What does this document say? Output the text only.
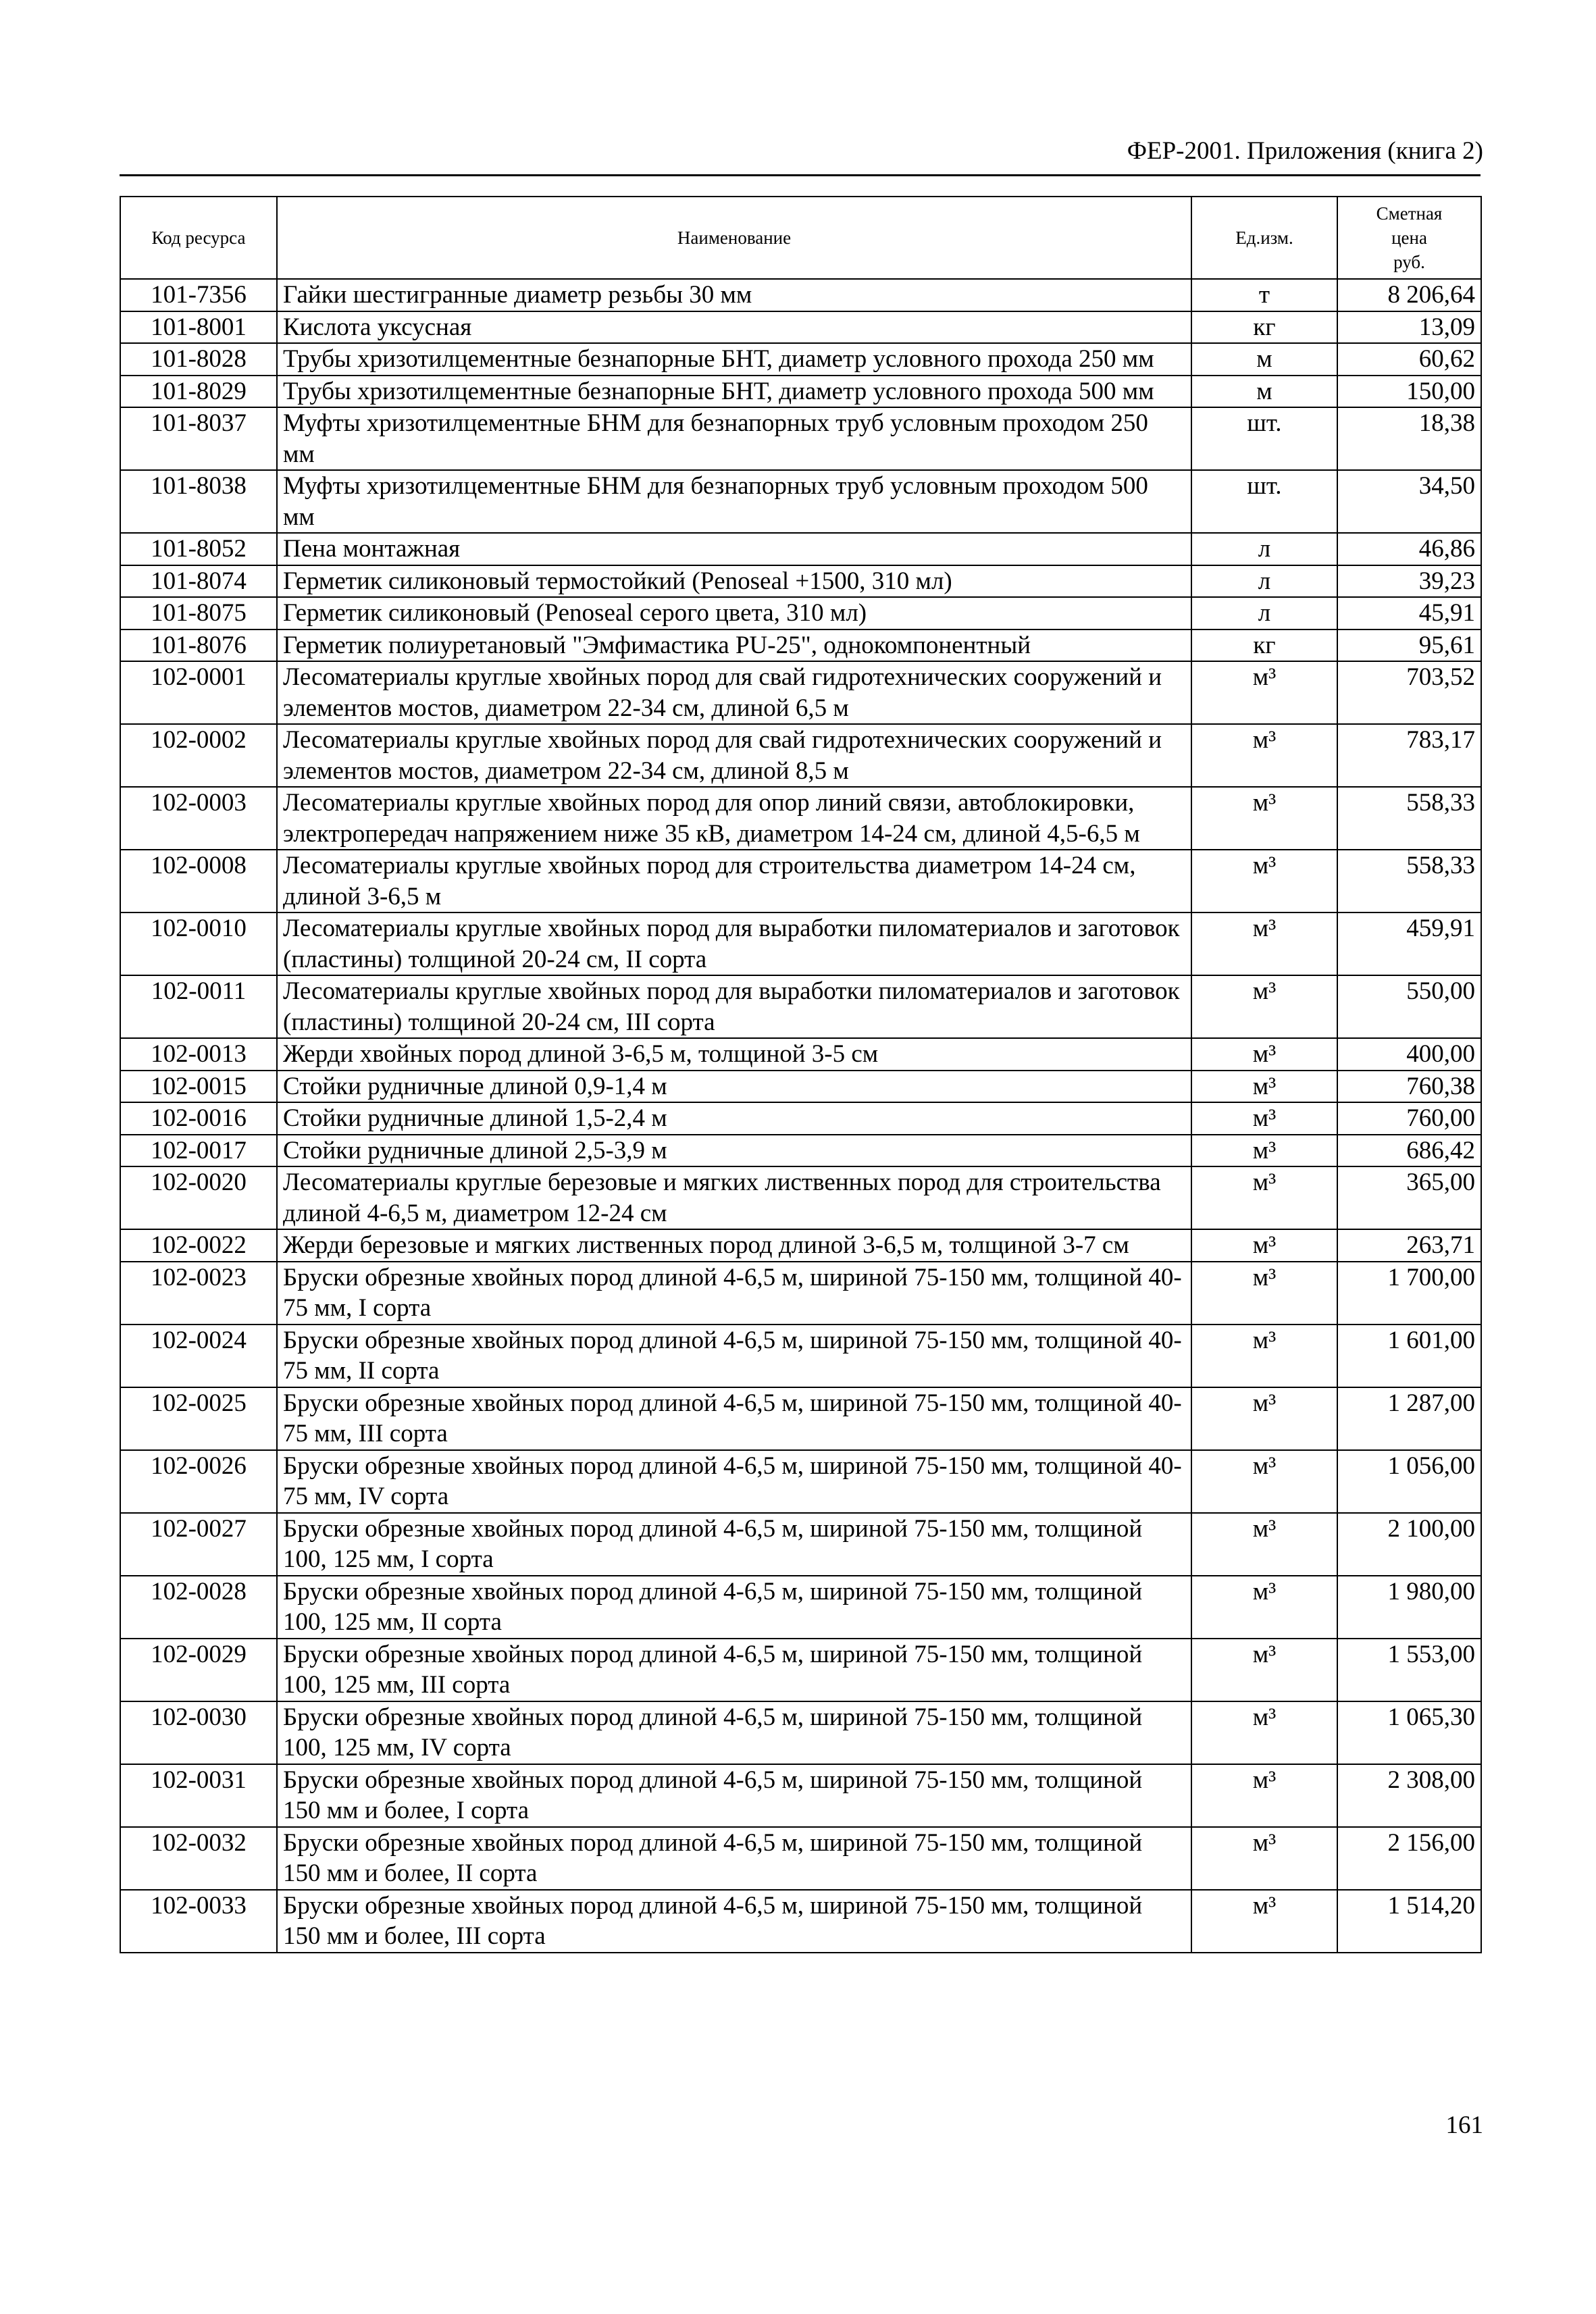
ФЕР-2001. Приложения (книга 2)
Код ресурса	Наименование	Ед.изм.	Сметная
цена
руб.

101-7356	Гайки шестигранные диаметр резьбы 30 мм	т	8 206,64
101-8001	Кислота уксусная	кг	13,09
101-8028	Трубы хризотилцементные безнапорные БНТ, диаметр условного прохода 250 мм	м	60,62
101-8029	Трубы хризотилцементные безнапорные БНТ, диаметр условного прохода 500 мм	м	150,00
101-8037	Муфты хризотилцементные БНМ для безнапорных труб условным проходом 250 мм	шт.	18,38
101-8038	Муфты хризотилцементные БНМ для безнапорных труб условным проходом 500 мм	шт.	34,50
101-8052	Пена монтажная	л	46,86
101-8074	Герметик силиконовый термостойкий (Penoseal +1500, 310 мл)	л	39,23
101-8075	Герметик силиконовый (Penoseal серого цвета, 310 мл)	л	45,91
101-8076	Герметик полиуретановый "Эмфимастика PU-25", однокомпонентный	кг	95,61
102-0001	Лесоматериалы круглые хвойных пород для свай гидротехнических сооружений и элементов мостов, диаметром 22-34 см, длиной 6,5 м	м³	703,52
102-0002	Лесоматериалы круглые хвойных пород для свай гидротехнических сооружений и элементов мостов, диаметром 22-34 см, длиной 8,5 м	м³	783,17
102-0003	Лесоматериалы круглые хвойных пород для опор линий связи, автоблокировки, электропередач напряжением ниже 35 кВ, диаметром 14-24 см, длиной 4,5-6,5 м	м³	558,33
102-0008	Лесоматериалы круглые хвойных пород для строительства диаметром 14-24 см, длиной 3-6,5 м	м³	558,33
102-0010	Лесоматериалы круглые хвойных пород для выработки пиломатериалов и заготовок (пластины) толщиной 20-24 см, II сорта	м³	459,91
102-0011	Лесоматериалы круглые хвойных пород для выработки пиломатериалов и заготовок (пластины) толщиной 20-24 см, III сорта	м³	550,00
102-0013	Жерди хвойных пород длиной 3-6,5 м, толщиной 3-5 см	м³	400,00
102-0015	Стойки рудничные длиной 0,9-1,4 м	м³	760,38
102-0016	Стойки рудничные длиной 1,5-2,4 м	м³	760,00
102-0017	Стойки рудничные длиной 2,5-3,9 м	м³	686,42
102-0020	Лесоматериалы круглые березовые и мягких лиственных пород для строительства длиной 4-6,5 м, диаметром 12-24 см	м³	365,00
102-0022	Жерди березовые и мягких лиственных пород длиной 3-6,5 м, толщиной 3-7 см	м³	263,71
102-0023	Бруски обрезные хвойных пород длиной 4-6,5 м, шириной 75-150 мм, толщиной 40-75 мм, I сорта	м³	1 700,00
102-0024	Бруски обрезные хвойных пород длиной 4-6,5 м, шириной 75-150 мм, толщиной 40-75 мм, II сорта	м³	1 601,00
102-0025	Бруски обрезные хвойных пород длиной 4-6,5 м, шириной 75-150 мм, толщиной 40-75 мм, III сорта	м³	1 287,00
102-0026	Бруски обрезные хвойных пород длиной 4-6,5 м, шириной 75-150 мм, толщиной 40-75 мм, IV сорта	м³	1 056,00
102-0027	Бруски обрезные хвойных пород длиной 4-6,5 м, шириной 75-150 мм, толщиной 100, 125 мм, I сорта	м³	2 100,00
102-0028	Бруски обрезные хвойных пород длиной 4-6,5 м, шириной 75-150 мм, толщиной 100, 125 мм, II сорта	м³	1 980,00
102-0029	Бруски обрезные хвойных пород длиной 4-6,5 м, шириной 75-150 мм, толщиной 100, 125 мм, III сорта	м³	1 553,00
102-0030	Бруски обрезные хвойных пород длиной 4-6,5 м, шириной 75-150 мм, толщиной 100, 125 мм, IV сорта	м³	1 065,30
102-0031	Бруски обрезные хвойных пород длиной 4-6,5 м, шириной 75-150 мм, толщиной 150 мм и более, I сорта	м³	2 308,00
102-0032	Бруски обрезные хвойных пород длиной 4-6,5 м, шириной 75-150 мм, толщиной 150 мм и более, II сорта	м³	2 156,00
102-0033	Бруски обрезные хвойных пород длиной 4-6,5 м, шириной 75-150 мм, толщиной 150 мм и более, III сорта	м³	1 514,20
161
